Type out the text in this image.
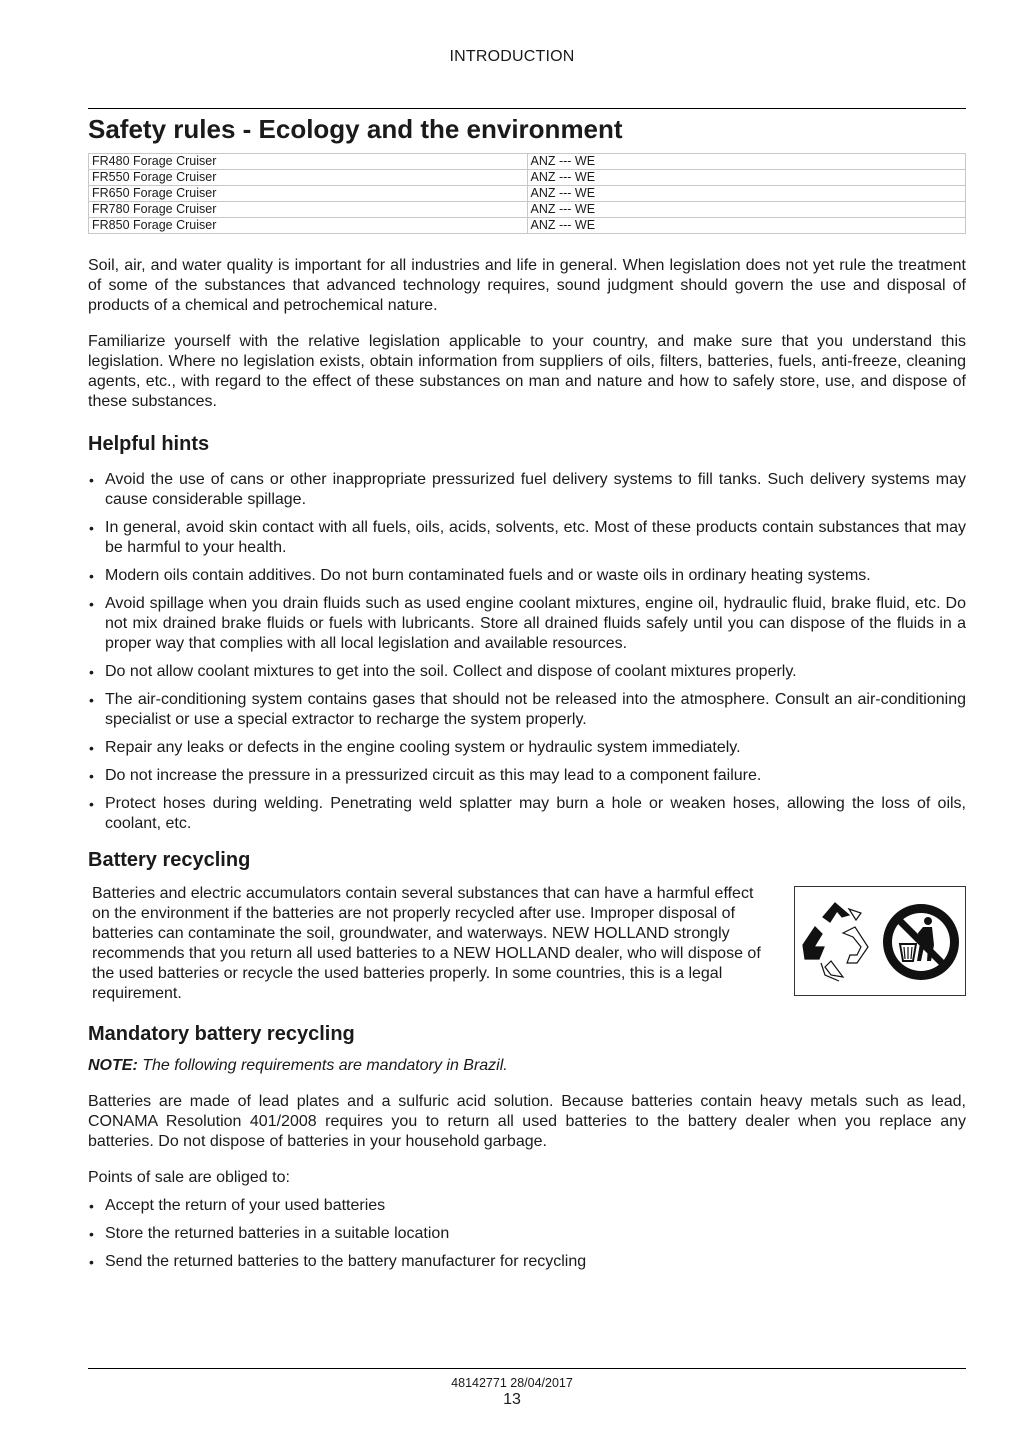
INTRODUCTION
Safety rules - Ecology and the environment
FR480 Forage Cruiser	ANZ --- WE
FR550 Forage Cruiser	ANZ --- WE
FR650 Forage Cruiser	ANZ --- WE
FR780 Forage Cruiser	ANZ --- WE
FR850 Forage Cruiser	ANZ --- WE

Soil, air, and water quality is important for all industries and life in general. When legislation does not yet rule the treatment of some of the substances that advanced technology requires, sound judgment should govern the use and disposal of products of a chemical and petrochemical nature.

Familiarize yourself with the relative legislation applicable to your country, and make sure that you understand this legislation. Where no legislation exists, obtain information from suppliers of oils, filters, batteries, fuels, anti-freeze, cleaning agents, etc., with regard to the effect of these substances on man and nature and how to safely store, use, and dispose of these substances.

Helpful hints
• Avoid the use of cans or other inappropriate pressurized fuel delivery systems to fill tanks. Such delivery systems may cause considerable spillage.
• In general, avoid skin contact with all fuels, oils, acids, solvents, etc. Most of these products contain substances that may be harmful to your health.
• Modern oils contain additives. Do not burn contaminated fuels and or waste oils in ordinary heating systems.
• Avoid spillage when you drain fluids such as used engine coolant mixtures, engine oil, hydraulic fluid, brake fluid, etc. Do not mix drained brake fluids or fuels with lubricants. Store all drained fluids safely until you can dispose of the fluids in a proper way that complies with all local legislation and available resources.
• Do not allow coolant mixtures to get into the soil. Collect and dispose of coolant mixtures properly.
• The air-conditioning system contains gases that should not be released into the atmosphere. Consult an air-conditioning specialist or use a special extractor to recharge the system properly.
• Repair any leaks or defects in the engine cooling system or hydraulic system immediately.
• Do not increase the pressure in a pressurized circuit as this may lead to a component failure.
• Protect hoses during welding. Penetrating weld splatter may burn a hole or weaken hoses, allowing the loss of oils, coolant, etc.
Battery recycling
Batteries and electric accumulators contain several substances that can have a harmful effect on the environment if the batteries are not properly recycled after use. Improper disposal of batteries can contaminate the soil, groundwater, and waterways. NEW HOLLAND strongly recommends that you return all used batteries to a NEW HOLLAND dealer, who will dispose of the used batteries or recycle the used batteries properly. In some countries, this is a legal requirement.
Mandatory battery recycling

NOTE: The following requirements are mandatory in Brazil.

Batteries are made of lead plates and a sulfuric acid solution. Because batteries contain heavy metals such as lead, CONAMA Resolution 401/2008 requires you to return all used batteries to the battery dealer when you replace any batteries. Do not dispose of batteries in your household garbage.

Points of sale are obliged to:

• Accept the return of your used batteries
• Store the returned batteries in a suitable location
• Send the returned batteries to the battery manufacturer for recycling
48142771 28/04/2017
13
